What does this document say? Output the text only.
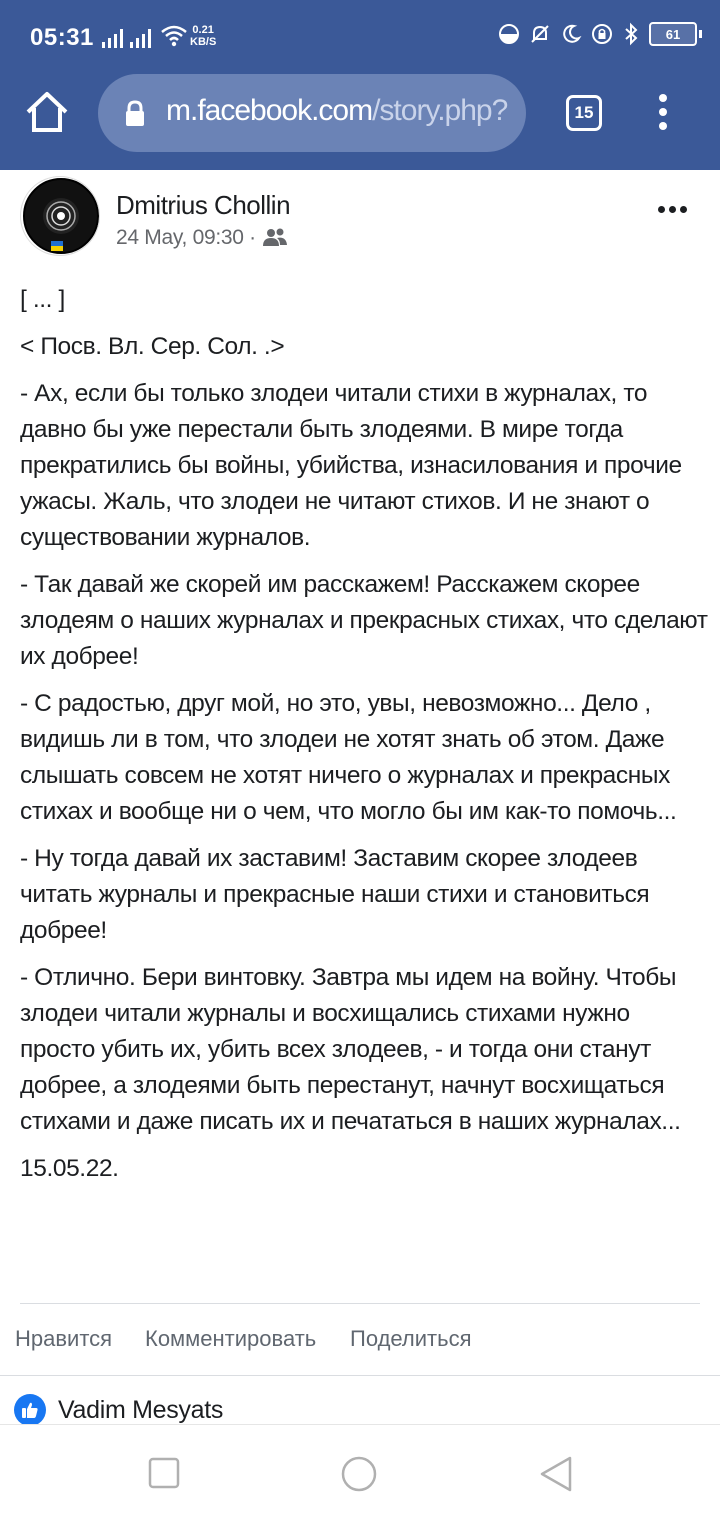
05:31	0.21
KB/S
61
m.facebook.com/story.php?	15
Dmitrius Chollin
24 May, 09:30 ·

[ ... ]

< Посв. Вл. Сер. Сол. .>

- Ах, если бы только злодеи читали стихи в журналах, то давно бы уже перестали быть злодеями. В мире тогда прекратились бы войны, убийства, изнасилования и прочие ужасы. Жаль, что злодеи не читают стихов. И не знают о существовании журналов.

- Так давай же скорей им расскажем! Расскажем скорее злодеям о наших журналах и прекрасных стихах, что сделают их добрее!

- С радостью, друг мой, но это, увы, невозможно... Дело , видишь ли в том, что злодеи не хотят знать об этом. Даже слышать совсем не хотят ничего о журналах и прекрасных стихах и вообще ни о чем, что могло бы им как-то помочь...

- Ну тогда давай их заставим! Заставим скорее злодеев читать журналы и прекрасные наши стихи и становиться добрее!

- Отлично. Бери винтовку. Завтра мы идем на войну. Чтобы злодеи читали журналы и восхищались стихами нужно просто убить их, убить всех злодеев, - и тогда они станут добрее, а злодеями быть перестанут, начнут восхищаться стихами и даже писать их и печататься в наших журналах...

15.05.22.

Нравится Комментировать Поделиться
Vadim Mesyats
